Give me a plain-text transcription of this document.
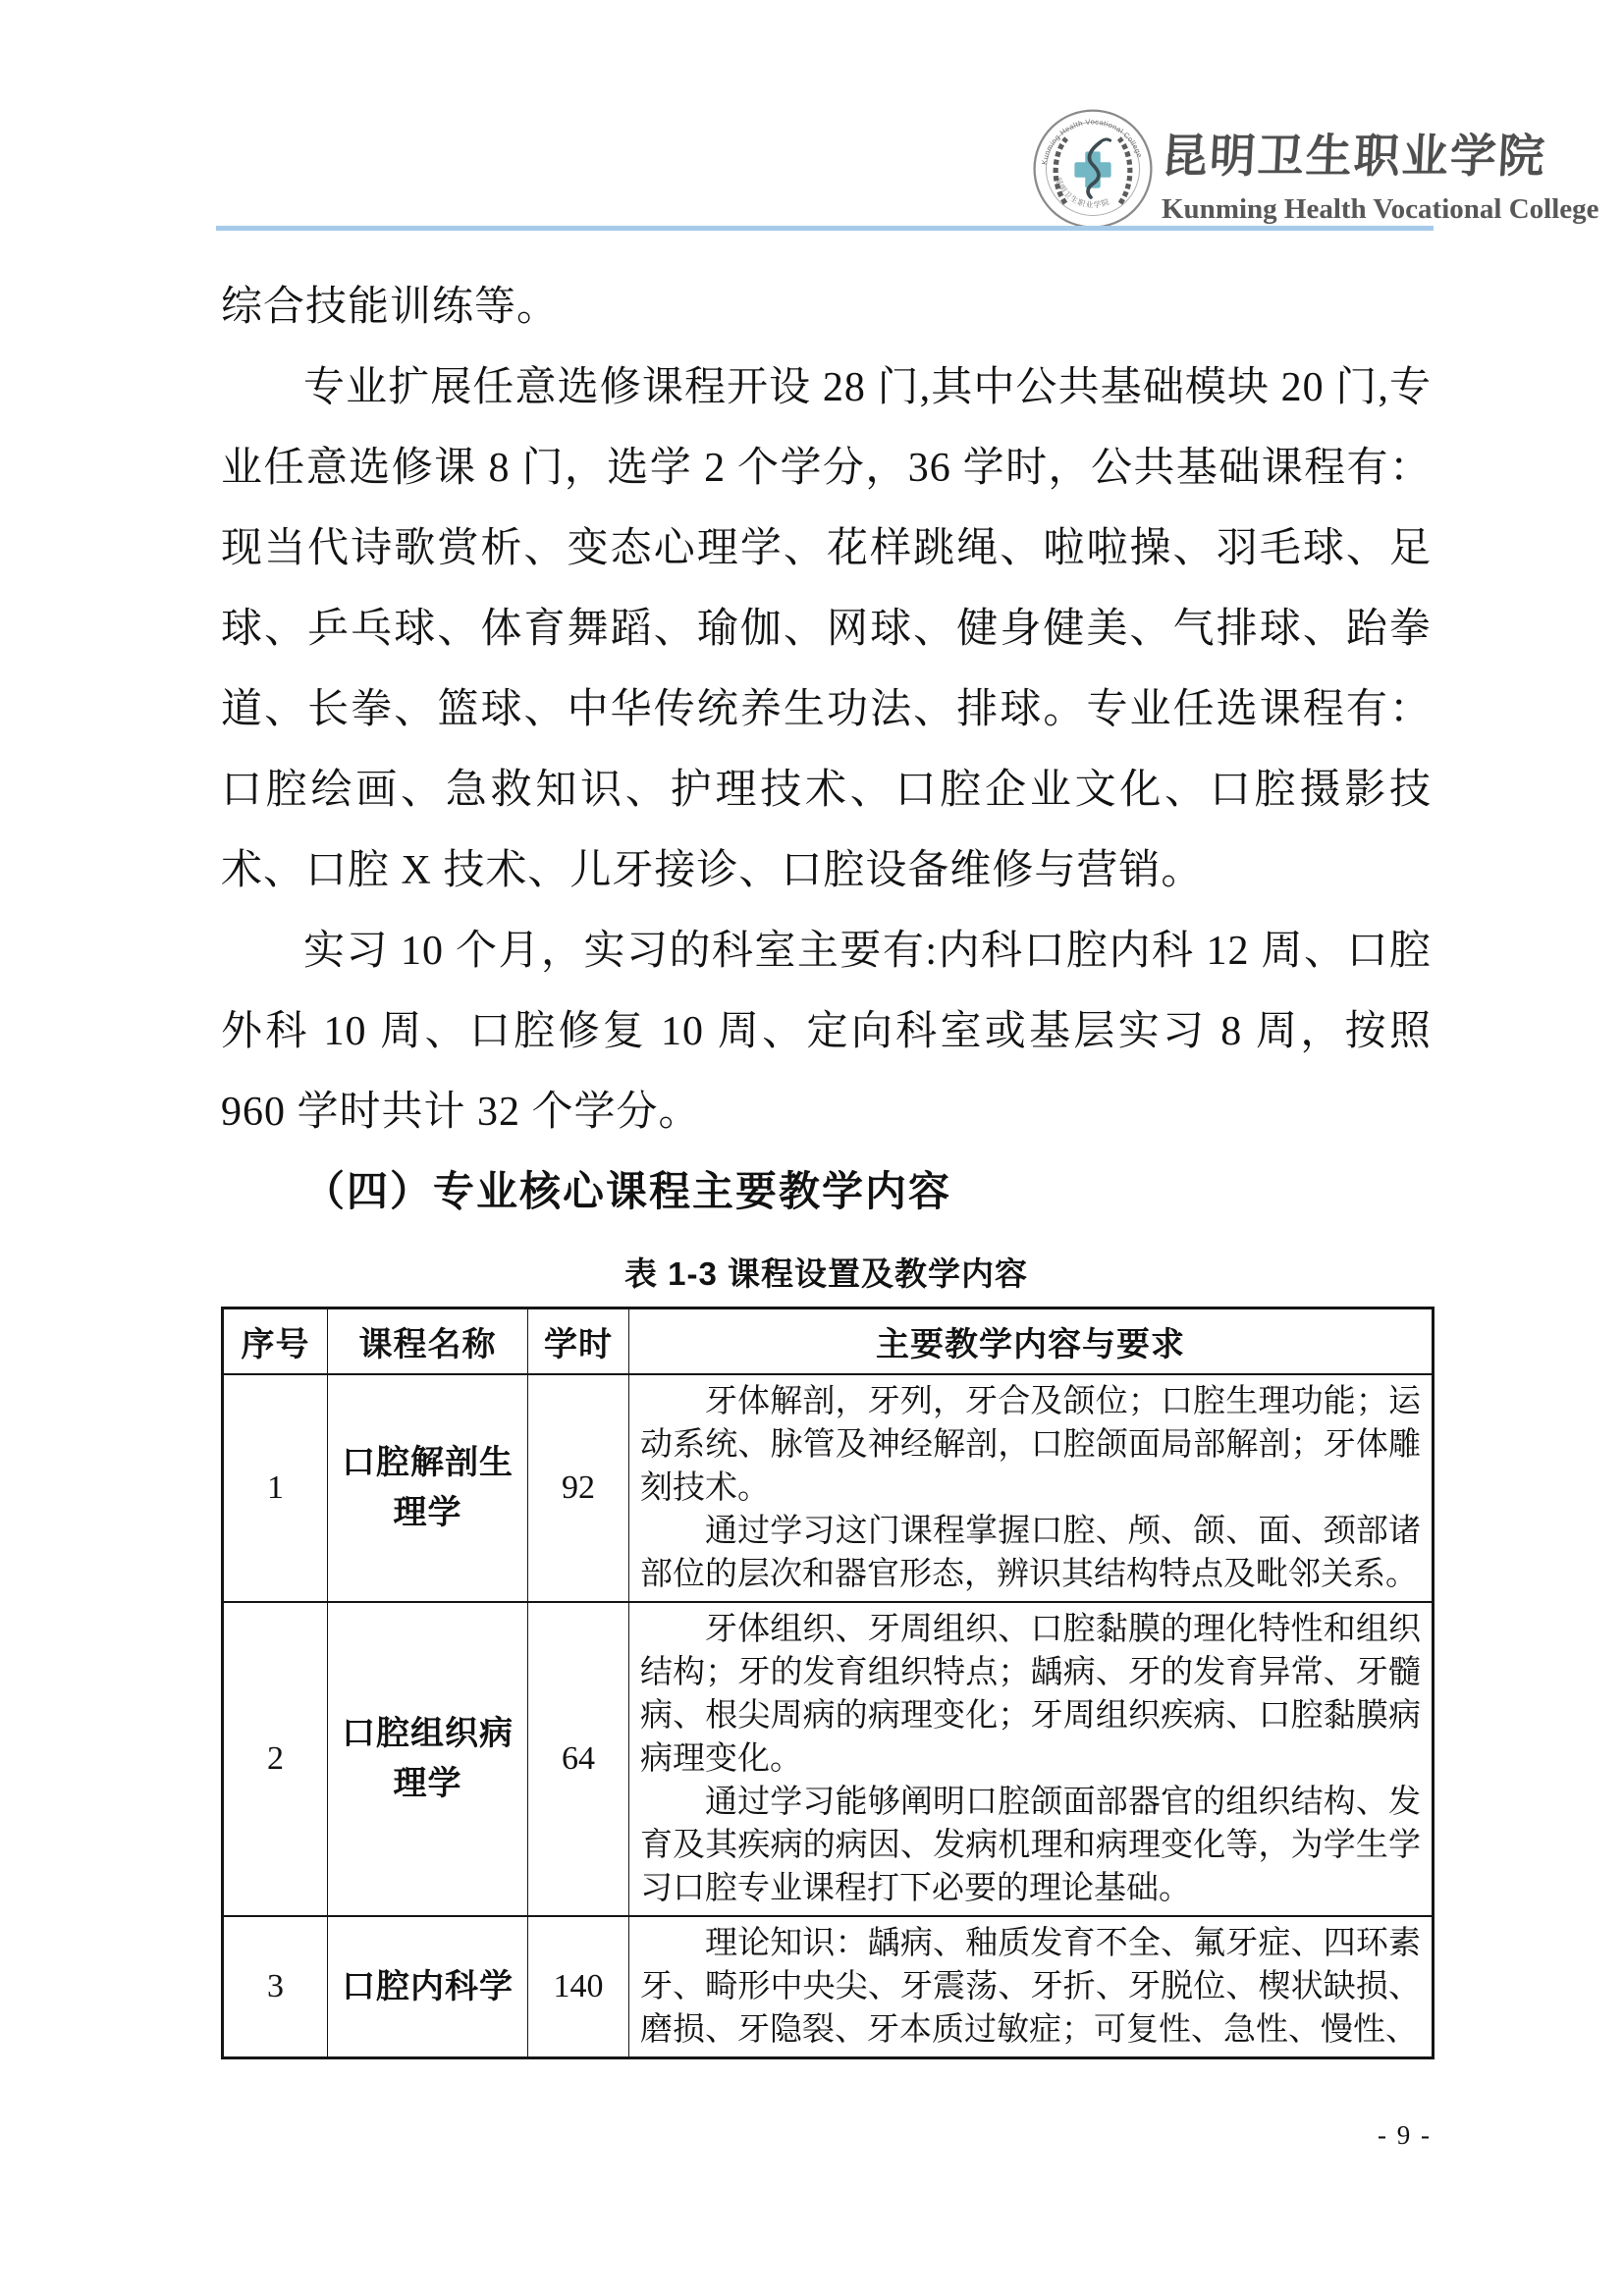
Kunming Health Vocational College
昆明卫生职业学院
昆明卫生职业学院
Kunming Health Vocational College

综合技能训练等。

专业扩展任意选修课程开设 28 门,其中公共基础模块 20 门,专业任意选修课 8 门，选学 2 个学分，36 学时，公共基础课程有：现当代诗歌赏析、变态心理学、花样跳绳、啦啦操、羽毛球、足球、乒乓球、体育舞蹈、瑜伽、网球、健身健美、气排球、跆拳道、长拳、篮球、中华传统养生功法、排球。专业任选课程有：口腔绘画、急救知识、护理技术、口腔企业文化、口腔摄影技术、口腔 X 技术、儿牙接诊、口腔设备维修与营销。

实习 10 个月，实习的科室主要有:内科口腔内科 12 周、口腔外科 10 周、口腔修复 10 周、定向科室或基层实习 8 周，按照 960 学时共计 32 个学分。

（四）专业核心课程主要教学内容

表 1-3 课程设置及教学内容
序号	课程名称	学时	主要教学内容与要求
1	口腔解剖生理学	92	牙体解剖，牙列，牙合及颌位；口腔生理功能；运动系统、脉管及神经解剖，口腔颌面局部解剖；牙体雕刻技术。

通过学习这门课程掌握口腔、颅、颌、面、颈部诸部位的层次和器官形态，辨识其结构特点及毗邻关系。

2	口腔组织病理学	64	牙体组织、牙周组织、口腔黏膜的理化特性和组织结构；牙的发育组织特点；龋病、牙的发育异常、牙髓病、根尖周病的病理变化；牙周组织疾病、口腔黏膜病病理变化。

通过学习能够阐明口腔颌面部器官的组织结构、发育及其疾病的病因、发病机理和病理变化等，为学生学习口腔专业课程打下必要的理论基础。

3	口腔内科学	140	理论知识：龋病、釉质发育不全、氟牙症、四环素牙、畸形中央尖、牙震荡、牙折、牙脱位、楔状缺损、磨损、牙隐裂、牙本质过敏症；可复性、急性、慢性、

- 9 -
